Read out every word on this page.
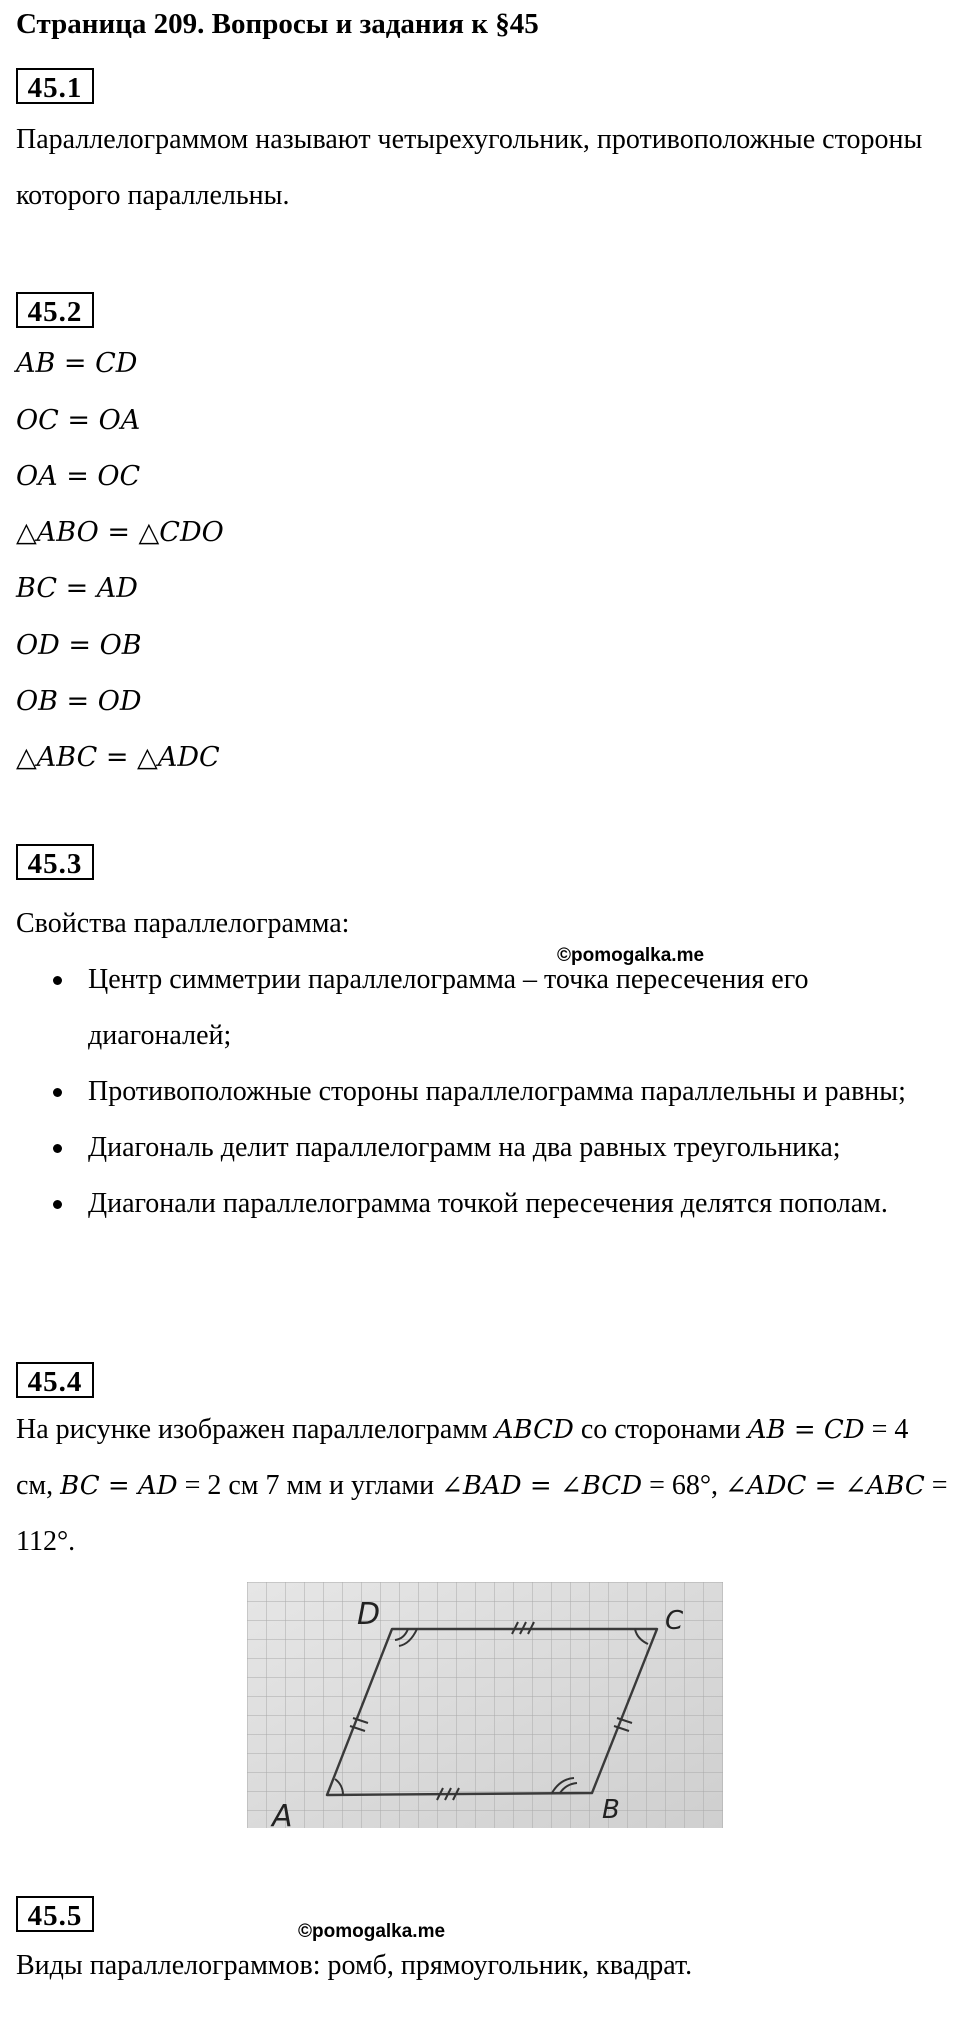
Страница 209. Вопросы и задания к §45
45.1
Параллелограммом называют четырехугольник, противоположные стороны которого параллельны.
45.2
AB = CD
OC = OA
OA = OC
△ABO = △CDO
BC = AD
OD = OB
OB = OD
△ABC = △ADC
45.3
Свойства параллелограмма:
©pomogalka.me
Центр симметрии параллелограмма – точка пересечения его диагоналей;
Противоположные стороны параллелограмма параллельны и равны;
Диагональ делит параллелограмм на два равных треугольника;
Диагонали параллелограмма точкой пересечения делятся пополам.
45.4
На рисунке изображен параллелограмм ABCD со сторонами AB = CD = 4 см, BC = AD = 2 см 7 мм и углами ∠BAD = ∠BCD = 68°, ∠ADC = ∠ABC = 112°.
A	B
C
D
45.5	©pomogalka.me
Виды параллелограммов: ромб, прямоугольник, квадрат.
